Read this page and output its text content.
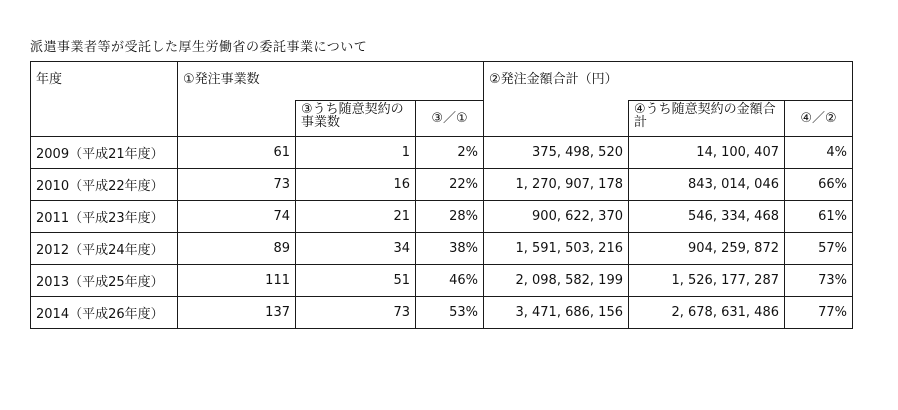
派遣事業者等が受託した厚生労働省の委託事業について
年度	①発注事業数			②発注金額合計（円）		
		③うち随意契約の事業数	③／①		④うち随意契約の金額合計	④／②
2009（平成21年度）	61	1	2%	375, 498, 520	14, 100, 407	4%
2010（平成22年度）	73	16	22%	1, 270, 907, 178	843, 014, 046	66%
2011（平成23年度）	74	21	28%	900, 622, 370	546, 334, 468	61%
2012（平成24年度）	89	34	38%	1, 591, 503, 216	904, 259, 872	57%
2013（平成25年度）	111	51	46%	2, 098, 582, 199	1, 526, 177, 287	73%
2014（平成26年度）	137	73	53%	3, 471, 686, 156	2, 678, 631, 486	77%
